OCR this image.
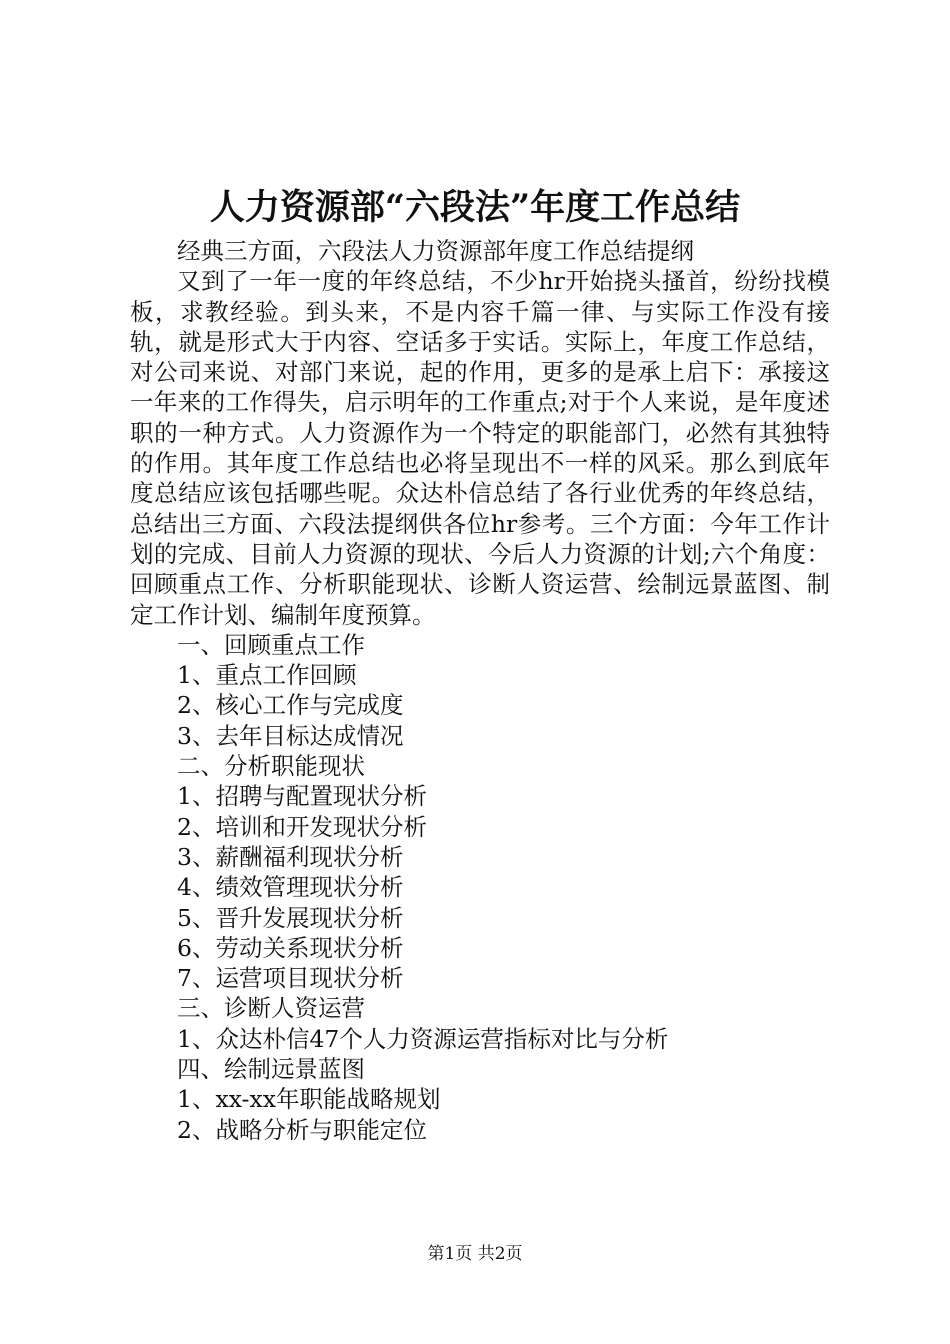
人力资源部“六段法”年度工作总结

经典三方面，六段法人力资源部年度工作总结提纲

又到了一年一度的年终总结，不少hr开始挠头搔首，纷纷找模板，求教经验。到头来，不是内容千篇一律、与实际工作没有接轨，就是形式大于内容、空话多于实话。实际上，年度工作总结，对公司来说、对部门来说，起的作用，更多的是承上启下：承接这一年来的工作得失，启示明年的工作重点;对于个人来说，是年度述职的一种方式。人力资源作为一个特定的职能部门，必然有其独特的作用。其年度工作总结也必将呈现出不一样的风采。那么到底年度总结应该包括哪些呢。众达朴信总结了各行业优秀的年终总结，总结出三方面、六段法提纲供各位hr参考。三个方面：今年工作计划的完成、目前人力资源的现状、今后人力资源的计划;六个角度：回顾重点工作、分析职能现状、诊断人资运营、绘制远景蓝图、制定工作计划、编制年度预算。

一、回顾重点工作

1、重点工作回顾

2、核心工作与完成度

3、去年目标达成情况

二、分析职能现状

1、招聘与配置现状分析

2、培训和开发现状分析

3、薪酬福利现状分析

4、绩效管理现状分析

5、晋升发展现状分析

6、劳动关系现状分析

7、运营项目现状分析

三、诊断人资运营

1、众达朴信47个人力资源运营指标对比与分析

四、绘制远景蓝图

1、xx-xx年职能战略规划

2、战略分析与职能定位

第1页 共2页
